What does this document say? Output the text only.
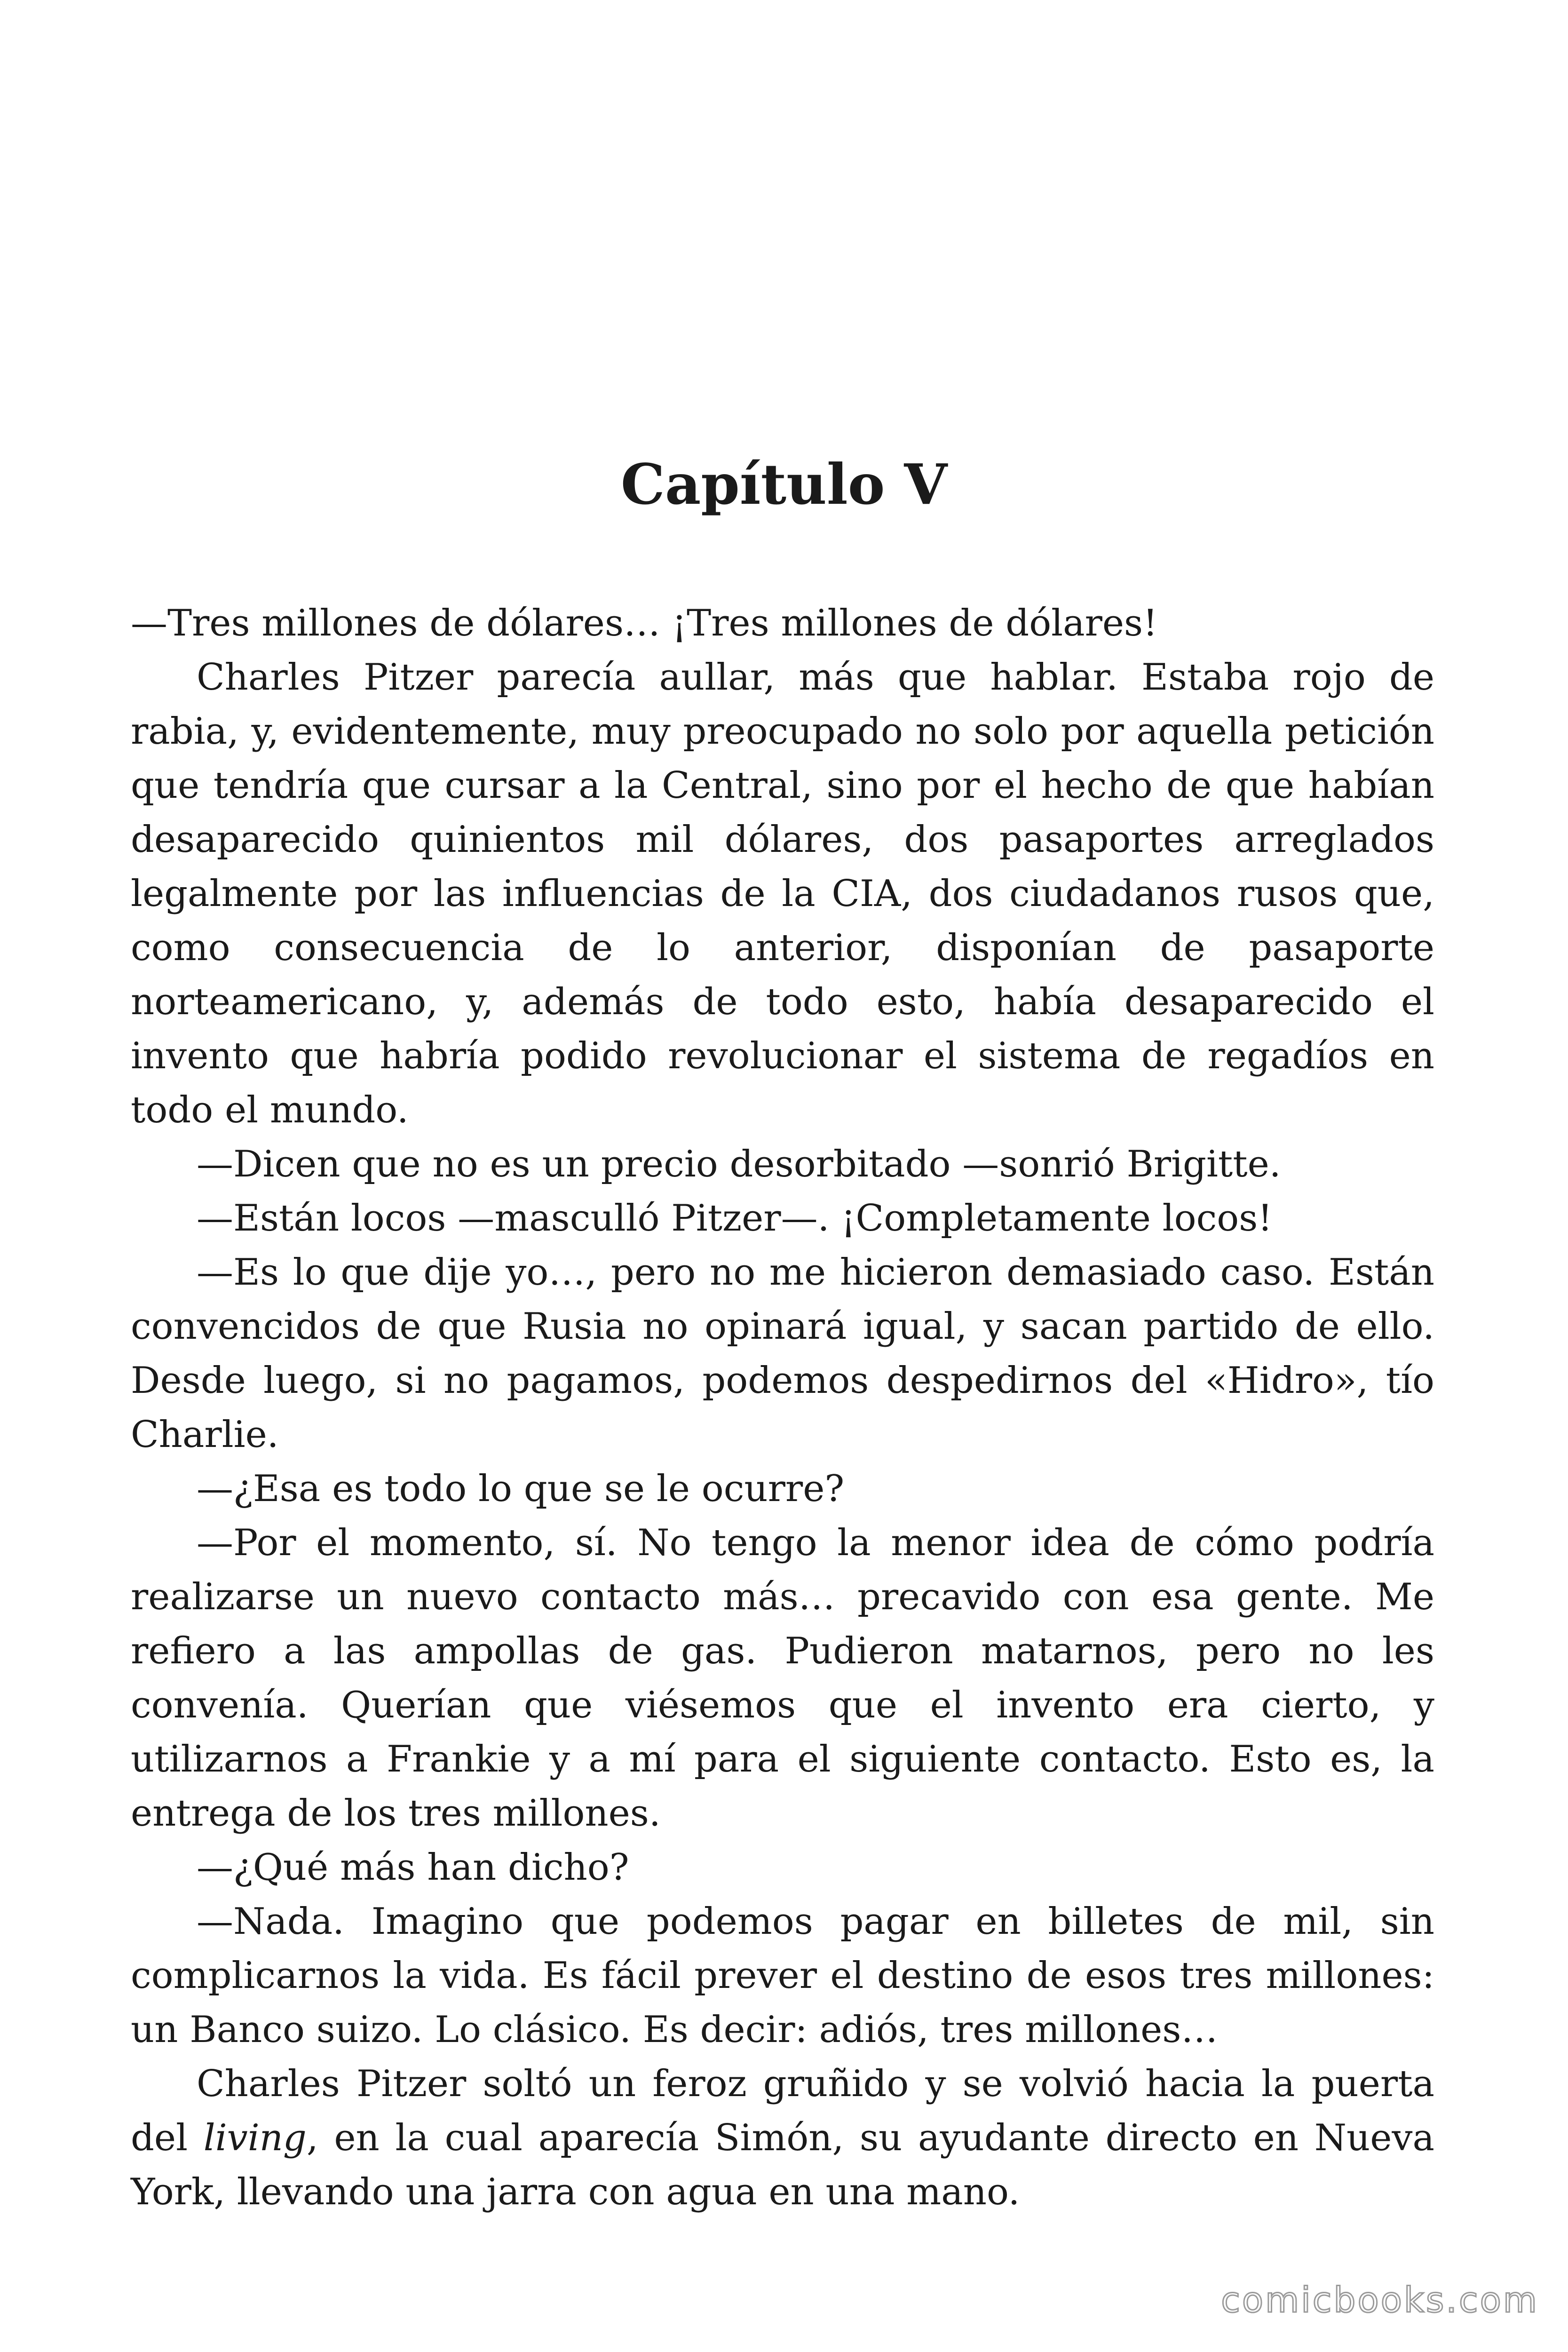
Capítulo V

—Tres millones de dólares… ¡Tres millones de dólares!

Charles Pitzer parecía aullar, más que hablar. Estaba rojo de rabia, y, evidentemente, muy preocupado no solo por aquella petición que tendría que cursar a la Central, sino por el hecho de que habían desaparecido quinientos mil dólares, dos pasaportes arreglados legalmente por las influencias de la CIA, dos ciudadanos rusos que, como consecuencia de lo anterior, disponían de pasaporte norteamericano, y, además de todo esto, había desaparecido el invento que habría podido revolucionar el sistema de regadíos en todo el mundo.

—Dicen que no es un precio desorbitado —sonrió Brigitte.

—Están locos —masculló Pitzer—. ¡Completamente locos!

—Es lo que dije yo…, pero no me hicieron demasiado caso. Están convencidos de que Rusia no opinará igual, y sacan partido de ello. Desde luego, si no pagamos, podemos despedirnos del «Hidro», tío Charlie.

—¿Esa es todo lo que se le ocurre?

—Por el momento, sí. No tengo la menor idea de cómo podría realizarse un nuevo contacto más… precavido con esa gente. Me refiero a las ampollas de gas. Pudieron matarnos, pero no les convenía. Querían que viésemos que el invento era cierto, y utilizarnos a Frankie y a mí para el siguiente contacto. Esto es, la entrega de los tres millones.

—¿Qué más han dicho?

—Nada. Imagino que podemos pagar en billetes de mil, sin complicarnos la vida. Es fácil prever el destino de esos tres millones: un Banco suizo. Lo clásico. Es decir: adiós, tres millones…

Charles Pitzer soltó un feroz gruñido y se volvió hacia la puerta del living, en la cual aparecía Simón, su ayudante directo en Nueva York, llevando una jarra con agua en una mano.

comicbooks.com
